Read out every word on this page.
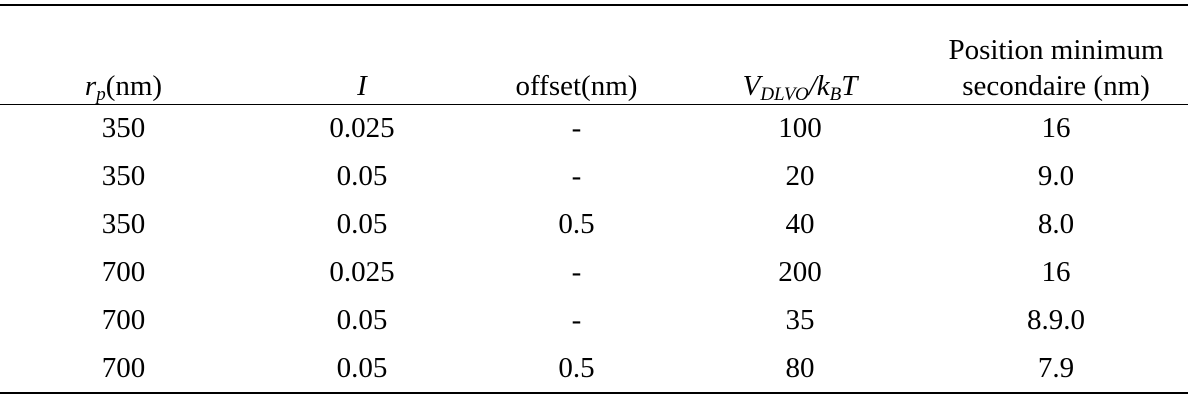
$r_p(nm)$	I	offset(nm)	$V_{DLVO}/k_BT$	Position minimum
secondaire (nm)

350	0.025	-	100	16
350	0.05	-	20	9.0
350	0.05	0.5	40	8.0
700	0.025	-	200	16
700	0.05	-	35	8.9.0
700	0.05	0.5	80	7.9
